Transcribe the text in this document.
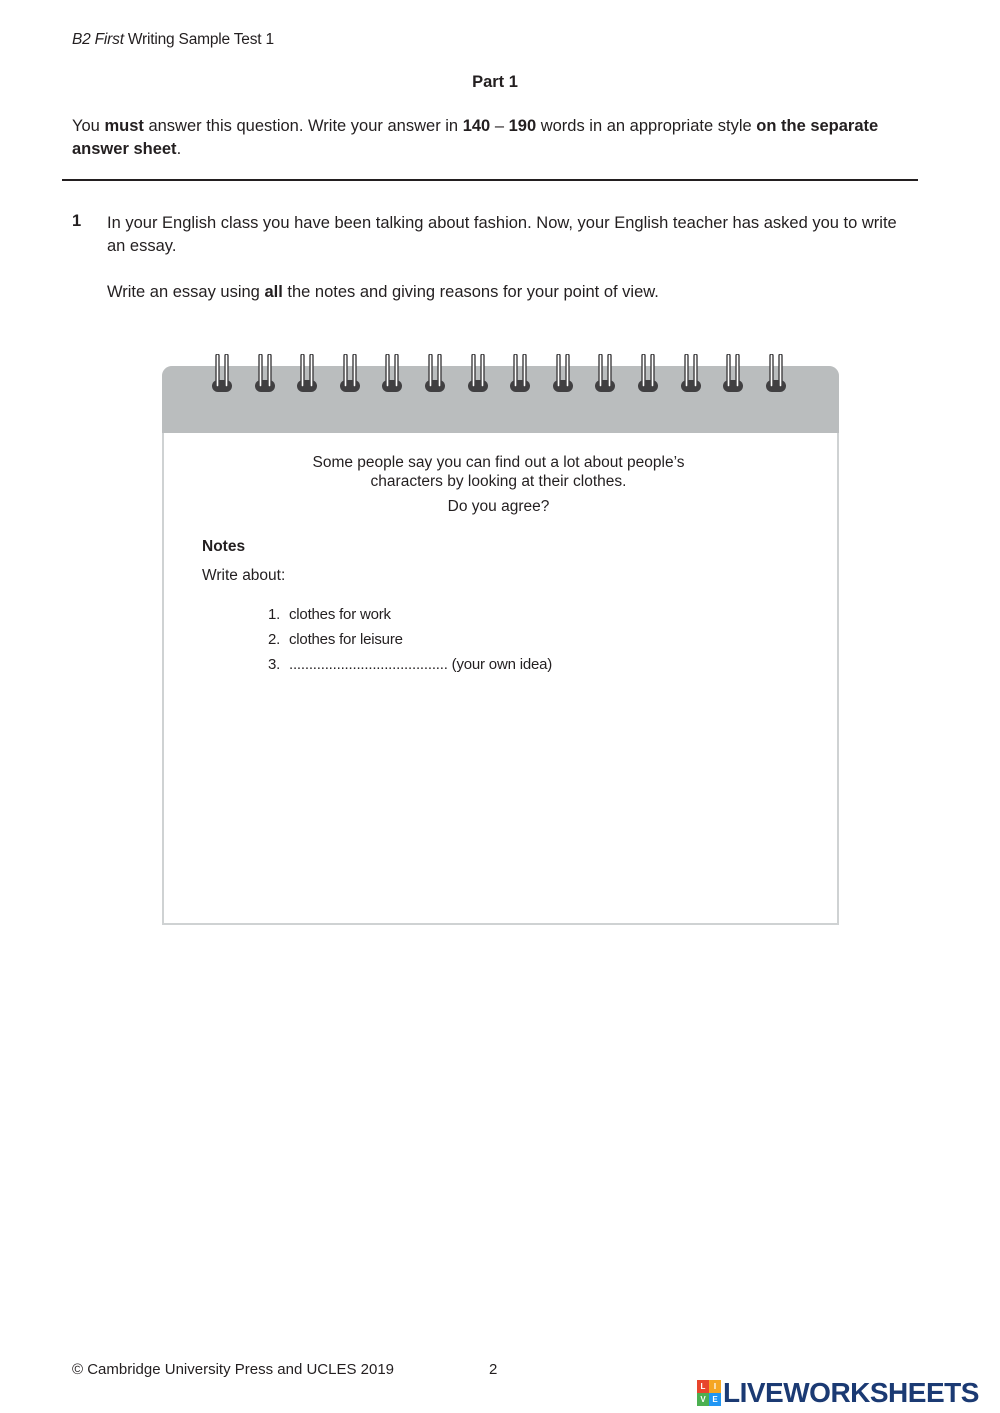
B2 First Writing Sample Test 1
Part 1
You must answer this question. Write your answer in 140 – 190 words in an appropriate style on the separate answer sheet.
1 In your English class you have been talking about fashion. Now, your English teacher has asked you to write an essay.
Write an essay using all the notes and giving reasons for your point of view.
Some people say you can find out a lot about people’s
characters by looking at their clothes.
Do you agree?
Notes
Write about:
1. clothes for work
2. clothes for leisure
3. ........................................ (your own idea)
© Cambridge University Press and UCLES 2019	2
L	I
V E LIVEWORKSHEETS
